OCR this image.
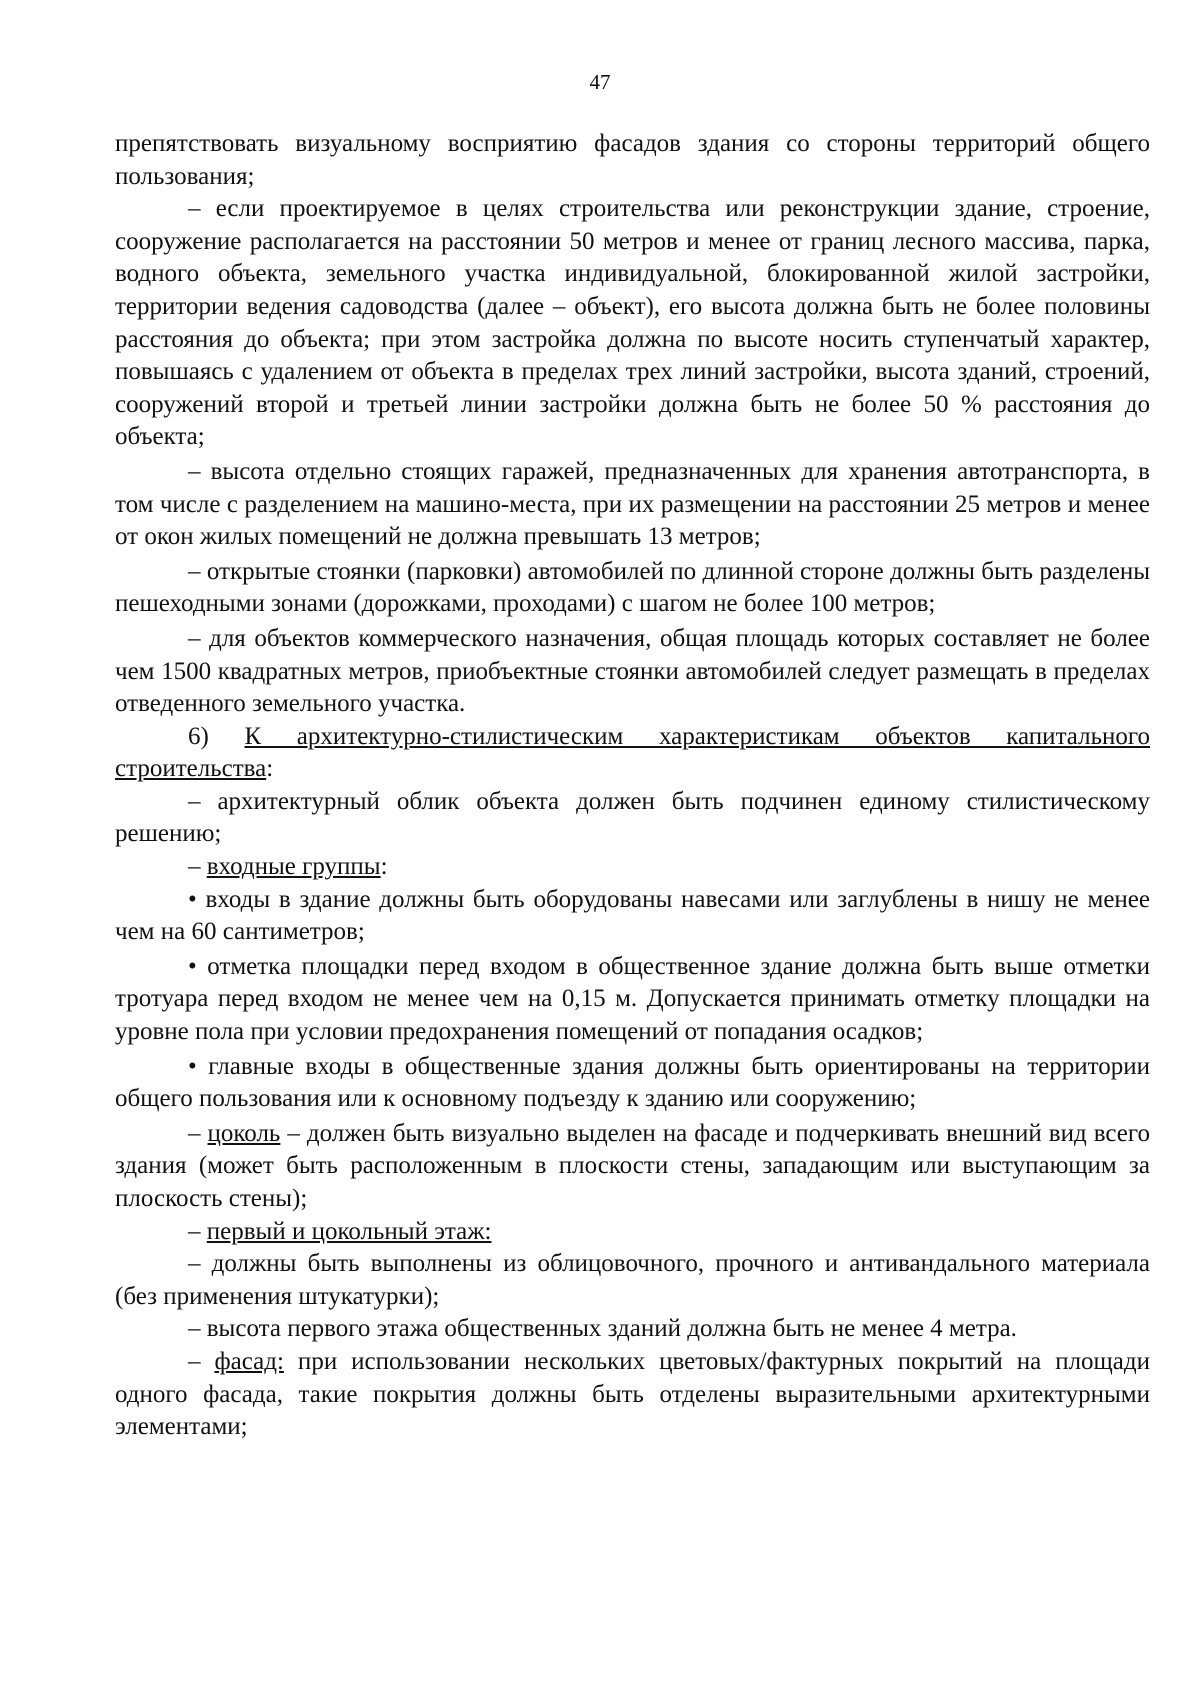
47

препятствовать визуальному восприятию фасадов здания со стороны территорий общего пользования;

– если проектируемое в целях строительства или реконструкции здание, строение, сооружение располагается на расстоянии 50 метров и менее от границ лесного массива, парка, водного объекта, земельного участка индивидуальной, блокированной жилой застройки, территории ведения садоводства (далее – объект), его высота должна быть не более половины расстояния до объекта; при этом застройка должна по высоте носить ступенчатый характер, повышаясь с удалением от объекта в пределах трех линий застройки, высота зданий, строений, сооружений второй и третьей линии застройки должна быть не более 50 % расстояния до объекта;

– высота отдельно стоящих гаражей, предназначенных для хранения автотранспорта, в том числе с разделением на машино-места, при их размещении на расстоянии 25 метров и менее от окон жилых помещений не должна превышать 13 метров;

– открытые стоянки (парковки) автомобилей по длинной стороне должны быть разделены пешеходными зонами (дорожками, проходами) с шагом не более 100 метров;

– для объектов коммерческого назначения, общая площадь которых составляет не более чем 1500 квадратных метров, приобъектные стоянки автомобилей следует размещать в пределах отведенного земельного участка.

6) К архитектурно-стилистическим характеристикам объектов капитального строительства:

– архитектурный облик объекта должен быть подчинен единому стилистическому решению;

– входные группы:

• входы в здание должны быть оборудованы навесами или заглублены в нишу не менее чем на 60 сантиметров;

• отметка площадки перед входом в общественное здание должна быть выше отметки тротуара перед входом не менее чем на 0,15 м. Допускается принимать отметку площадки на уровне пола при условии предохранения помещений от попадания осадков;

• главные входы в общественные здания должны быть ориентированы на территории общего пользования или к основному подъезду к зданию или сооружению;

– цоколь – должен быть визуально выделен на фасаде и подчеркивать внешний вид всего здания (может быть расположенным в плоскости стены, западающим или выступающим за плоскость стены);

– первый и цокольный этаж:

– должны быть выполнены из облицовочного, прочного и антивандального материала (без применения штукатурки);

– высота первого этажа общественных зданий должна быть не менее 4 метра.

– фасад: при использовании нескольких цветовых/фактурных покрытий на площади одного фасада, такие покрытия должны быть отделены выразительными архитектурными элементами;
